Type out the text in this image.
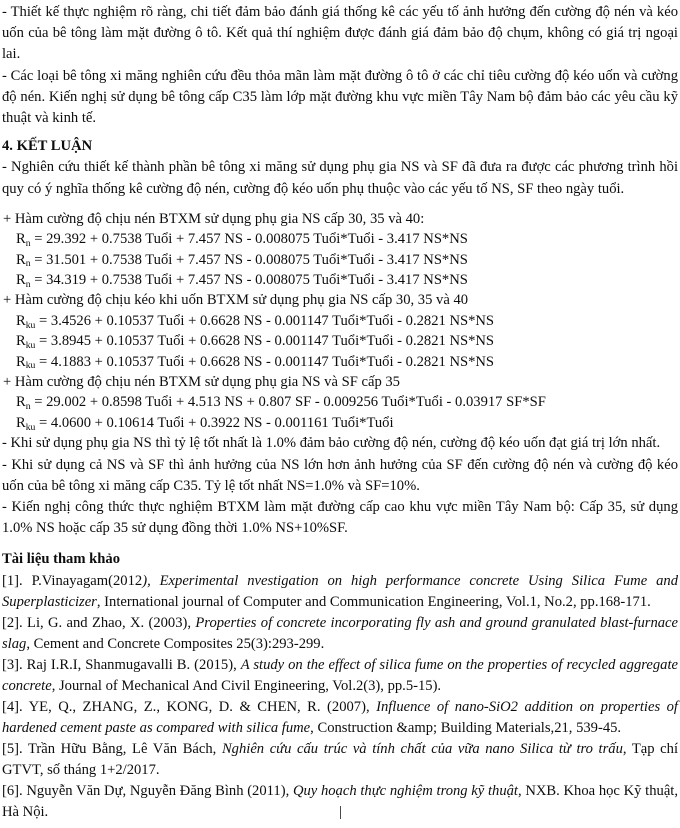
- Thiết kế thực nghiệm rõ ràng, chi tiết đảm bảo đánh giá thống kê các yếu tố ảnh hưởng đến cường độ nén và kéo uốn của bê tông làm mặt đường ô tô. Kết quả thí nghiệm được đánh giá đảm bảo độ chụm, không có giá trị ngoại lai.

- Các loại bê tông xi măng nghiên cứu đều thỏa mãn làm mặt đường ô tô ở các chỉ tiêu cường độ kéo uốn và cường độ nén. Kiến nghị sử dụng bê tông cấp C35 làm lớp mặt đường khu vực miền Tây Nam bộ đảm bảo các yêu cầu kỹ thuật và kinh tế.

4. KẾT LUẬN

- Nghiên cứu thiết kế thành phần bê tông xi măng sử dụng phụ gia NS và SF đã đưa ra được các phương trình hồi quy có ý nghĩa thống kê cường độ nén, cường độ kéo uốn phụ thuộc vào các yếu tố NS, SF theo ngày tuổi.

+ Hàm cường độ chịu nén BTXM sử dụng phụ gia NS cấp 30, 35 và 40:

$R_n = 29.392 + 0.7538$ Tuổi + 7.457 NS - 0.008075 Tuổi*Tuổi - 3.417 NS*NS

$R_n = 31.501 + 0.7538$ Tuổi + 7.457 NS - 0.008075 Tuổi*Tuổi - 3.417 NS*NS

$R_n = 34.319 + 0.7538$ Tuổi + 7.457 NS - 0.008075 Tuổi*Tuổi - 3.417 NS*NS

+ Hàm cường độ chịu kéo khi uốn BTXM sử dụng phụ gia NS cấp 30, 35 và 40

$R_{ku} = 3.4526 + 0.10537$ Tuổi + 0.6628 NS - 0.001147 Tuổi*Tuổi - 0.2821 NS*NS

$R_{ku} = 3.8945 + 0.10537$ Tuổi + 0.6628 NS - 0.001147 Tuổi*Tuổi - 0.2821 NS*NS

$R_{ku} = 4.1883 + 0.10537$ Tuổi + 0.6628 NS - 0.001147 Tuổi*Tuổi - 0.2821 NS*NS

+ Hàm cường độ chịu nén BTXM sử dụng phụ gia NS và SF cấp 35

$R_n = 29.002 + 0.8598$ Tuổi + 4.513 NS + 0.807 SF - 0.009256 Tuổi*Tuổi - 0.03917 SF*SF

$R_{ku} = 4.0600 + 0.10614$ Tuổi + 0.3922 NS - 0.001161 Tuổi*Tuổi

- Khi sử dụng phụ gia NS thì tỷ lệ tốt nhất là 1.0% đảm bảo cường độ nén, cường độ kéo uốn đạt giá trị lớn nhất.

- Khi sử dụng cả NS và SF thì ảnh hưởng của NS lớn hơn ảnh hưởng của SF đến cường độ nén và cường độ kéo uốn của bê tông xi măng cấp C35. Tỷ lệ tốt nhất NS=1.0% và SF=10%.

- Kiến nghị công thức thực nghiệm BTXM làm mặt đường cấp cao khu vực miền Tây Nam bộ: Cấp 35, sử dụng 1.0% NS hoặc cấp 35 sử dụng đồng thời 1.0% NS+10%SF.

Tài liệu tham khảo

[1]. P.Vinayagam(2012), Experimental nvestigation on high performance concrete Using Silica Fume and Superplasticizer, International journal of Computer and Communication Engineering, Vol.1, No.2, pp.168-171.

[2]. Li, G. and Zhao, X. (2003), Properties of concrete incorporating fly ash and ground granulated blast-furnace slag, Cement and Concrete Composites 25(3):293-299.

[3]. Raj I.R.I, Shanmugavalli B. (2015), A study on the effect of silica fume on the properties of recycled aggregate concrete, Journal of Mechanical And Civil Engineering, Vol.2(3), pp.5-15).

[4]. YE, Q., ZHANG, Z., KONG, D. & CHEN, R. (2007), Influence of nano-SiO2 addition on properties of hardened cement paste as compared with silica fume, Construction &amp; Building Materials,21, 539-45.

[5]. Trần Hữu Bằng, Lê Văn Bách, Nghiên cứu cấu trúc và tính chất của vữa nano Silica từ tro trấu, Tạp chí GTVT, số tháng 1+2/2017.

[6]. Nguyễn Văn Dự, Nguyễn Đăng Bình (2011), Quy hoạch thực nghiệm trong kỹ thuật, NXB. Khoa học Kỹ thuật, Hà Nội.
